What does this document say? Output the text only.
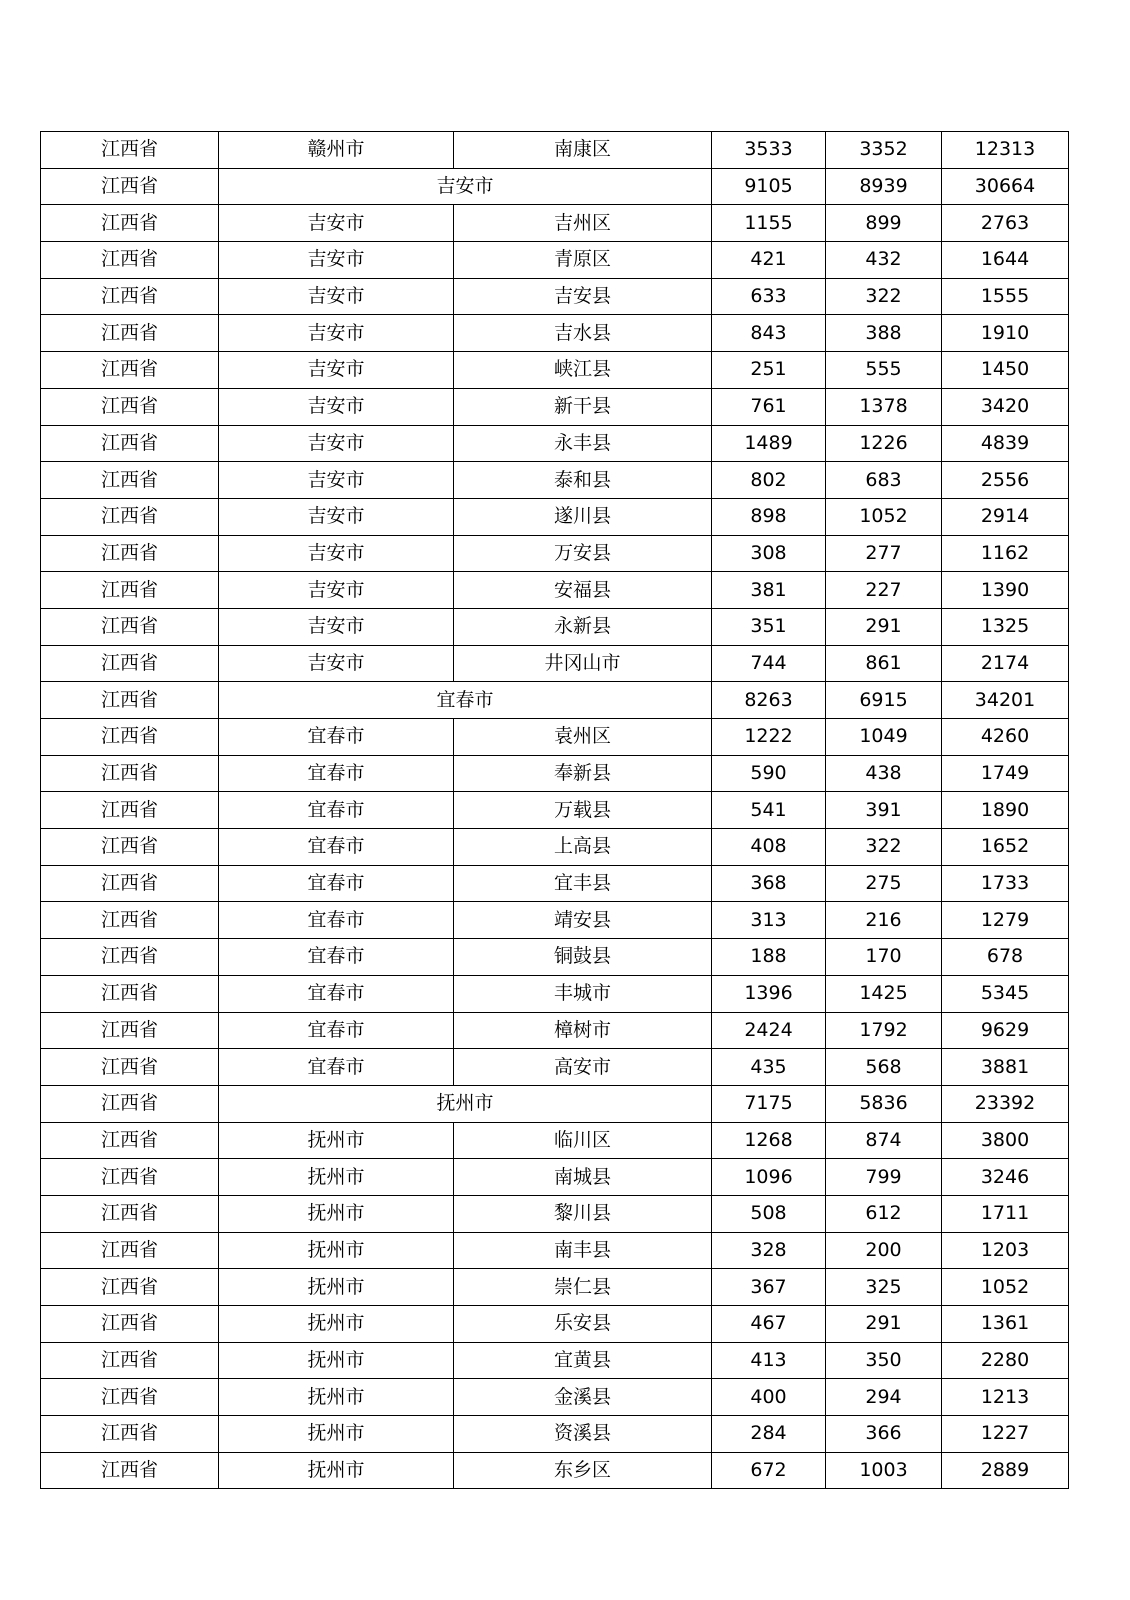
江西省	赣州市	南康区	3533	3352	12313
江西省	吉安市		9105	8939	30664
江西省	吉安市	吉州区	1155	899	2763
江西省	吉安市	青原区	421	432	1644
江西省	吉安市	吉安县	633	322	1555
江西省	吉安市	吉水县	843	388	1910
江西省	吉安市	峡江县	251	555	1450
江西省	吉安市	新干县	761	1378	3420
江西省	吉安市	永丰县	1489	1226	4839
江西省	吉安市	泰和县	802	683	2556
江西省	吉安市	遂川县	898	1052	2914
江西省	吉安市	万安县	308	277	1162
江西省	吉安市	安福县	381	227	1390
江西省	吉安市	永新县	351	291	1325
江西省	吉安市	井冈山市	744	861	2174
江西省	宜春市		8263	6915	34201
江西省	宜春市	袁州区	1222	1049	4260
江西省	宜春市	奉新县	590	438	1749
江西省	宜春市	万载县	541	391	1890
江西省	宜春市	上高县	408	322	1652
江西省	宜春市	宜丰县	368	275	1733
江西省	宜春市	靖安县	313	216	1279
江西省	宜春市	铜鼓县	188	170	678
江西省	宜春市	丰城市	1396	1425	5345
江西省	宜春市	樟树市	2424	1792	9629
江西省	宜春市	高安市	435	568	3881
江西省	抚州市		7175	5836	23392
江西省	抚州市	临川区	1268	874	3800
江西省	抚州市	南城县	1096	799	3246
江西省	抚州市	黎川县	508	612	1711
江西省	抚州市	南丰县	328	200	1203
江西省	抚州市	崇仁县	367	325	1052
江西省	抚州市	乐安县	467	291	1361
江西省	抚州市	宜黄县	413	350	2280
江西省	抚州市	金溪县	400	294	1213
江西省	抚州市	资溪县	284	366	1227
江西省	抚州市	东乡区	672	1003	2889
